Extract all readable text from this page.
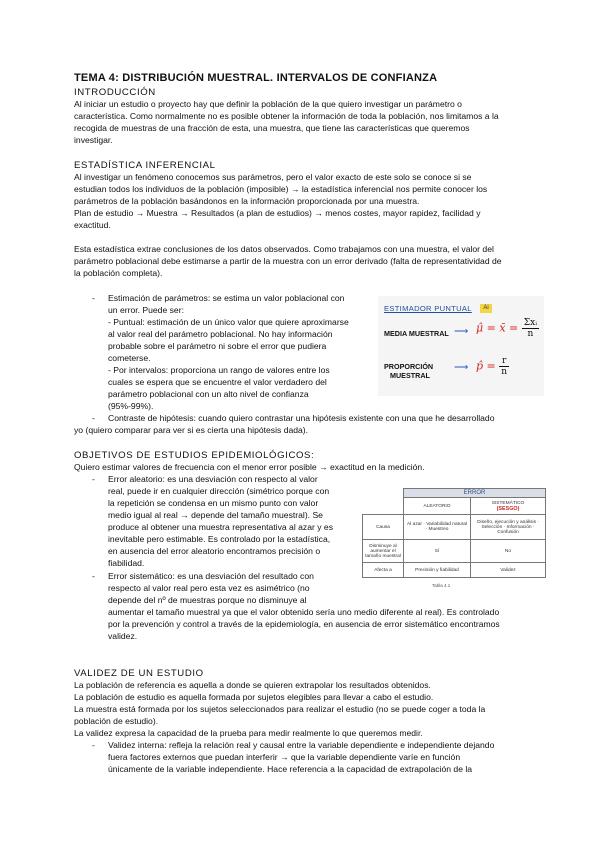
TEMA 4: DISTRIBUCIÓN MUESTRAL. INTERVALOS DE CONFIANZA
INTRODUCCIÓN
Al iniciar un estudio o proyecto hay que definir la población de la que quiero investigar un parámetro o
característica. Como normalmente no es posible obtener la información de toda la población, nos limitamos a la
recogida de muestras de una fracción de esta, una muestra, que tiene las características que queremos
investigar.
ESTADÍSTICA INFERENCIAL
Al investigar un fenómeno conocemos sus parámetros, pero el valor exacto de este solo se conoce si se
estudian todos los individuos de la población (imposible) → la estadística inferencial nos permite conocer los
parámetros de la población basándonos en la información proporcionada por una muestra.
Plan de estudio → Muestra → Resultados (a plan de estudios) → menos costes, mayor rapidez, facilidad y
exactitud.
Esta estadística extrae conclusiones de los datos observados. Como trabajamos con una muestra, el valor del
parámetro poblacional debe estimarse a partir de la muestra con un error derivado (falta de representatividad de
la población completa).
- Estimación de parámetros: se estima un valor poblacional con
un error. Puede ser:
- Puntual: estimación de un único valor que quiere aproximarse
al valor real del parámetro poblacional. No hay información
probable sobre el parámetro ni sobre el error que pudiera
cometerse.
- Por intervalos: proporciona un rango de valores entre los
cuales se espera que se encuentre el valor verdadero del
parámetro poblacional con un alto nivel de confianza
(95%-99%).
ESTIMADOR PUNTUAL	Ai
MEDIA MUESTRAL ⟶ μ̂ = x̄ = $\frac{\text{Σxᵢ}}{n}$
PROPORCIÓN
MUESTRAL
⟶ p̂ = $\frac{r}{n}$
- Contraste de hipótesis: cuando quiero contrastar una hipótesis existente con una que he desarrollado
yo (quiero comparar para ver si es cierta una hipótesis dada).
OBJETIVOS DE ESTUDIOS EPIDEMIOLÓGICOS:
Quiero estimar valores de frecuencia con el menor error posible → exactitud en la medición.
- Error aleatorio: es una desviación con respecto al valor
real, puede ir en cualquier dirección (simétrico porque con
la repetición se condensa en un mismo punto con valor
medio igual al real → depende del tamaño muestral). Se
produce al obtener una muestra representativa al azar y es
inevitable pero estimable. Es controlado por la estadística,
en ausencia del error aleatorio encontramos precisión o
fiabilidad.
- Error sistemático: es una desviación del resultado con
respecto al valor real pero esta vez es asimétrico (no
depende del nº de muestras porque no disminuye al
aumentar el tamaño muestral ya que el valor obtenido sería uno medio diferente al real). Es controlado
por la prevención y control a través de la epidemiología, en ausencia de error sistemático encontramos
validez.
	ERROR	
	ALEATORIO	SISTEMÁTICO
(SESGO)
Causa	Al azar · Variabilidad natural · Muestreo	Diseño, ejecución y análisis · Selección · Información · Confusión
Disminuye al aumentar el tamaño muestral	Sí	No
Afecta a	Precisión y fiabilidad	Validez
Tabla 4.1
VALIDEZ DE UN ESTUDIO
La población de referencia es aquella a donde se quieren extrapolar los resultados obtenidos.
La población de estudio es aquella formada por sujetos elegibles para llevar a cabo el estudio.
La muestra está formada por los sujetos seleccionados para realizar el estudio (no se puede coger a toda la
población de estudio).
La validez expresa la capacidad de la prueba para medir realmente lo que queremos medir.
- Validez interna: refleja la relación real y causal entre la variable dependiente e independiente dejando
fuera factores externos que puedan interferir → que la variable dependiente varíe en función
únicamente de la variable independiente. Hace referencia a la capacidad de extrapolación de la
